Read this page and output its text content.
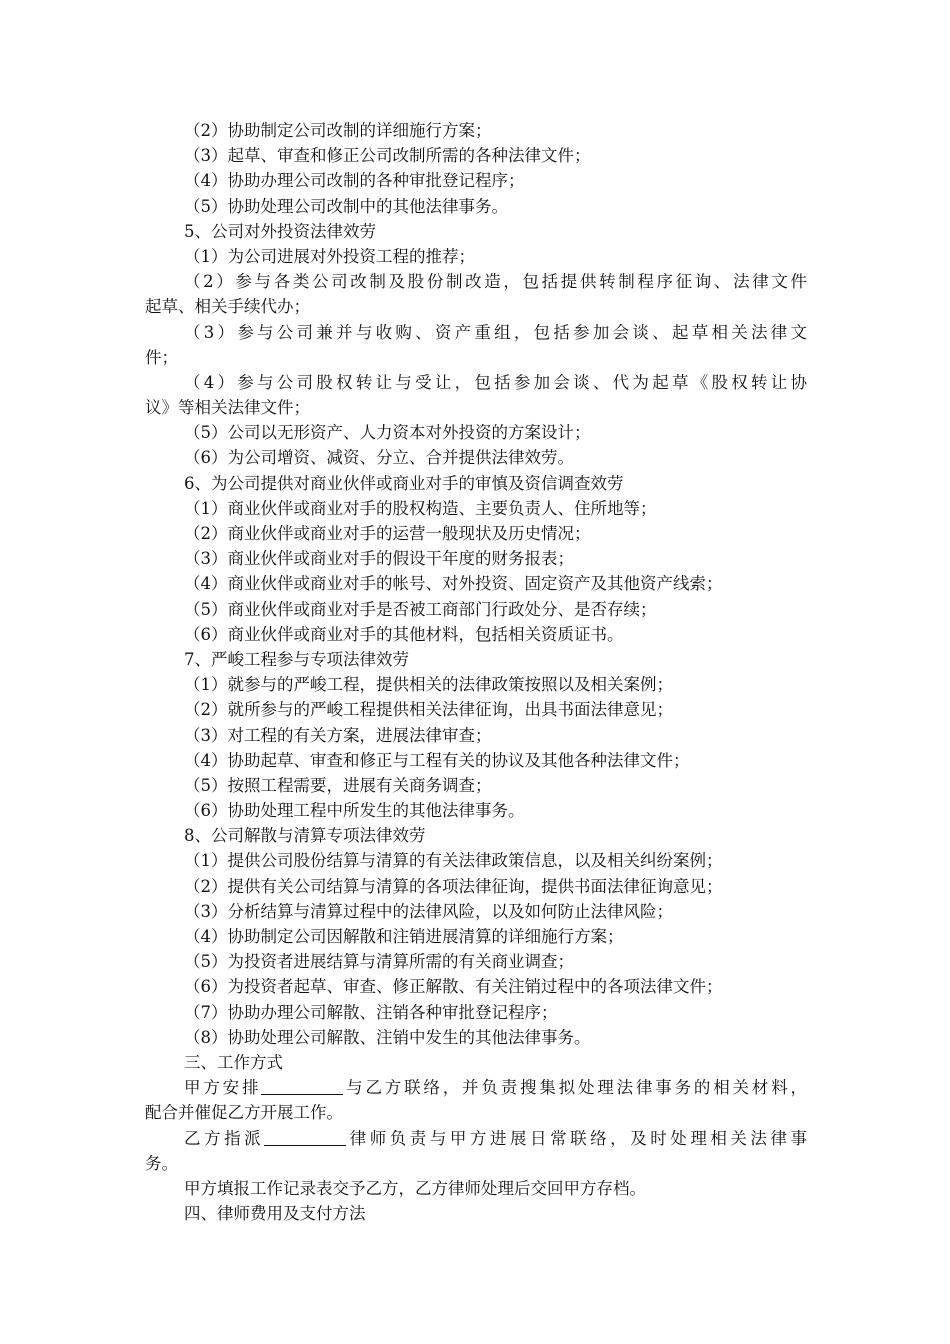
（2）协助制定公司改制的详细施行方案；
（3）起草、审查和修正公司改制所需的各种法律文件；
（4）协助办理公司改制的各种审批登记程序；
（5）协助处理公司改制中的其他法律事务。
5、公司对外投资法律效劳
（1）为公司进展对外投资工程的推荐；
（2）参与各类公司改制及股份制改造，包括提供转制程序征询、法律文件
起草、相关手续代办；
（3）参与公司兼并与收购、资产重组，包括参加会谈、起草相关法律文
件；
（4）参与公司股权转让与受让，包括参加会谈、代为起草《股权转让协
议》等相关法律文件；
（5）公司以无形资产、人力资本对外投资的方案设计；
（6）为公司增资、减资、分立、合并提供法律效劳。
6、为公司提供对商业伙伴或商业对手的审慎及资信调查效劳
（1）商业伙伴或商业对手的股权构造、主要负责人、住所地等；
（2）商业伙伴或商业对手的运营一般现状及历史情况；
（3）商业伙伴或商业对手的假设干年度的财务报表；
（4）商业伙伴或商业对手的帐号、对外投资、固定资产及其他资产线索；
（5）商业伙伴或商业对手是否被工商部门行政处分、是否存续；
（6）商业伙伴或商业对手的其他材料，包括相关资质证书。
7、严峻工程参与专项法律效劳
（1）就参与的严峻工程，提供相关的法律政策按照以及相关案例；
（2）就所参与的严峻工程提供相关法律征询，出具书面法律意见；
（3）对工程的有关方案，进展法律审查；
（4）协助起草、审查和修正与工程有关的协议及其他各种法律文件；
（5）按照工程需要，进展有关商务调查；
（6）协助处理工程中所发生的其他法律事务。
8、公司解散与清算专项法律效劳
（1）提供公司股份结算与清算的有关法律政策信息，以及相关纠纷案例；
（2）提供有关公司结算与清算的各项法律征询，提供书面法律征询意见；
（3）分析结算与清算过程中的法律风险，以及如何防止法律风险；
（4）协助制定公司因解散和注销进展清算的详细施行方案；
（5）为投资者进展结算与清算所需的有关商业调查；
（6）为投资者起草、审查、修正解散、有关注销过程中的各项法律文件；
（7）协助办理公司解散、注销各种审批登记程序；
（8）协助处理公司解散、注销中发生的其他法律事务。
三、工作方式
甲方安排	与乙方联络，并负责搜集拟处理法律事务的相关材料，
配合并催促乙方开展工作。
乙方指派	律师负责与甲方进展日常联络，及时处理相关法律事
务。
甲方填报工作记录表交予乙方，乙方律师处理后交回甲方存档。
四、律师费用及支付方法
